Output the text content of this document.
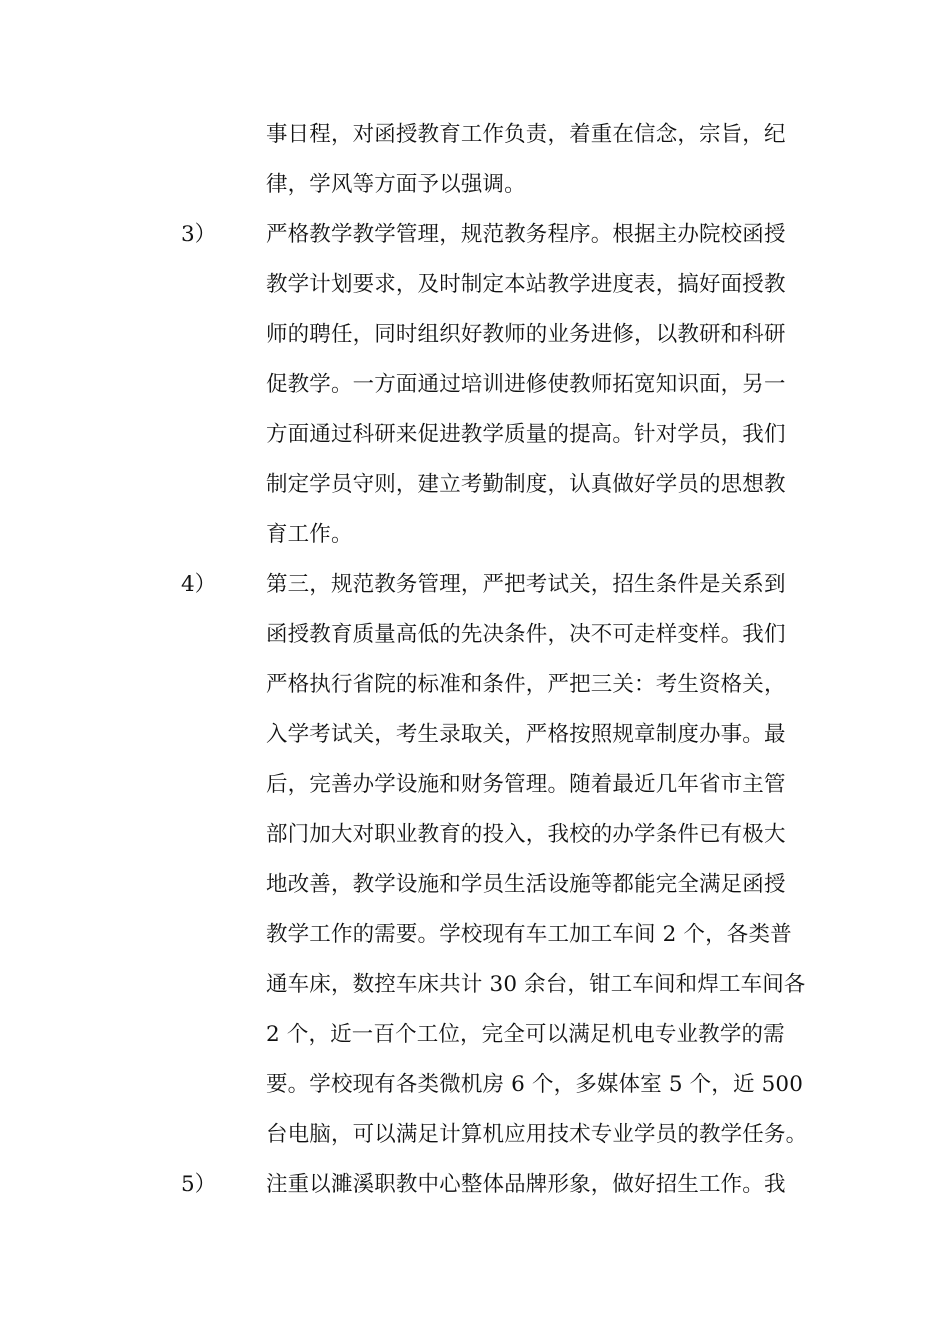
事日程，对函授教育工作负责，着重在信念，宗旨，纪
律，学风等方面予以强调。
3）	严格教学教学管理，规范教务程序。根据主办院校函授
教学计划要求，及时制定本站教学进度表，搞好面授教
师的聘任，同时组织好教师的业务进修，以教研和科研
促教学。一方面通过培训进修使教师拓宽知识面，另一
方面通过科研来促进教学质量的提高。针对学员，我们
制定学员守则，建立考勤制度，认真做好学员的思想教
育工作。
4）	第三，规范教务管理，严把考试关，招生条件是关系到
函授教育质量高低的先决条件，决不可走样变样。我们
严格执行省院的标准和条件，严把三关：考生资格关，
入学考试关，考生录取关，严格按照规章制度办事。最
后，完善办学设施和财务管理。随着最近几年省市主管
部门加大对职业教育的投入，我校的办学条件已有极大
地改善，教学设施和学员生活设施等都能完全满足函授
教学工作的需要。学校现有车工加工车间 2 个，各类普
通车床，数控车床共计 30 余台，钳工车间和焊工车间各
2 个，近一百个工位，完全可以满足机电专业教学的需
要。学校现有各类微机房 6 个，多媒体室 5 个，近 500
台电脑，可以满足计算机应用技术专业学员的教学任务。
5）	注重以濉溪职教中心整体品牌形象，做好招生工作。我
